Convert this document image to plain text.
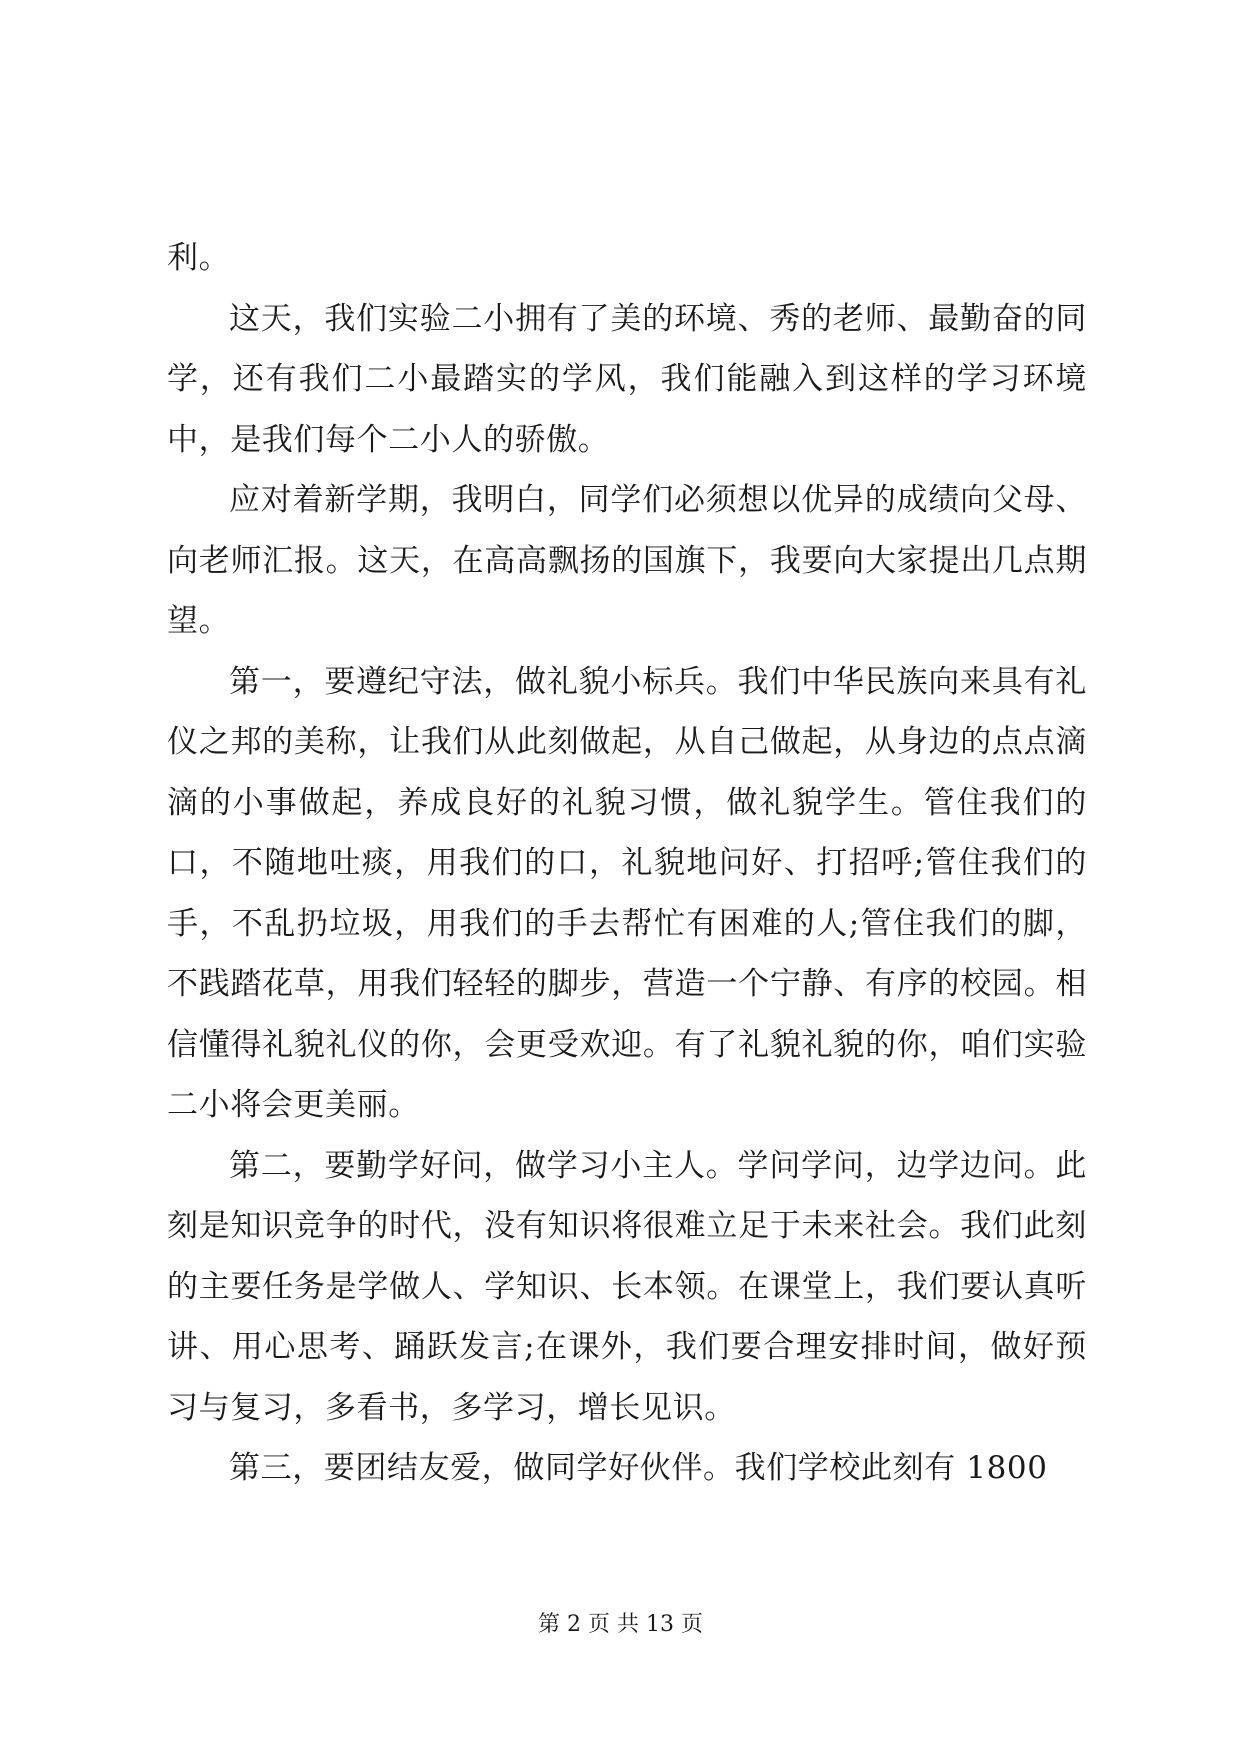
利。

这天，我们实验二小拥有了美的环境、秀的老师、最勤奋的同学，还有我们二小最踏实的学风，我们能融入到这样的学习环境中，是我们每个二小人的骄傲。

应对着新学期，我明白，同学们必须想以优异的成绩向父母、向老师汇报。这天，在高高飘扬的国旗下，我要向大家提出几点期望。

第一，要遵纪守法，做礼貌小标兵。我们中华民族向来具有礼仪之邦的美称，让我们从此刻做起，从自己做起，从身边的点点滴滴的小事做起，养成良好的礼貌习惯，做礼貌学生。管住我们的口，不随地吐痰，用我们的口，礼貌地问好、打招呼;管住我们的手，不乱扔垃圾，用我们的手去帮忙有困难的人;管住我们的脚，不践踏花草，用我们轻轻的脚步，营造一个宁静、有序的校园。相信懂得礼貌礼仪的你，会更受欢迎。有了礼貌礼貌的你，咱们实验二小将会更美丽。

第二，要勤学好问，做学习小主人。学问学问，边学边问。此刻是知识竞争的时代，没有知识将很难立足于未来社会。我们此刻的主要任务是学做人、学知识、长本领。在课堂上，我们要认真听讲、用心思考、踊跃发言;在课外，我们要合理安排时间，做好预习与复习，多看书，多学习，增长见识。

第三，要团结友爱，做同学好伙伴。我们学校此刻有 1800

第 2 页 共 13 页
